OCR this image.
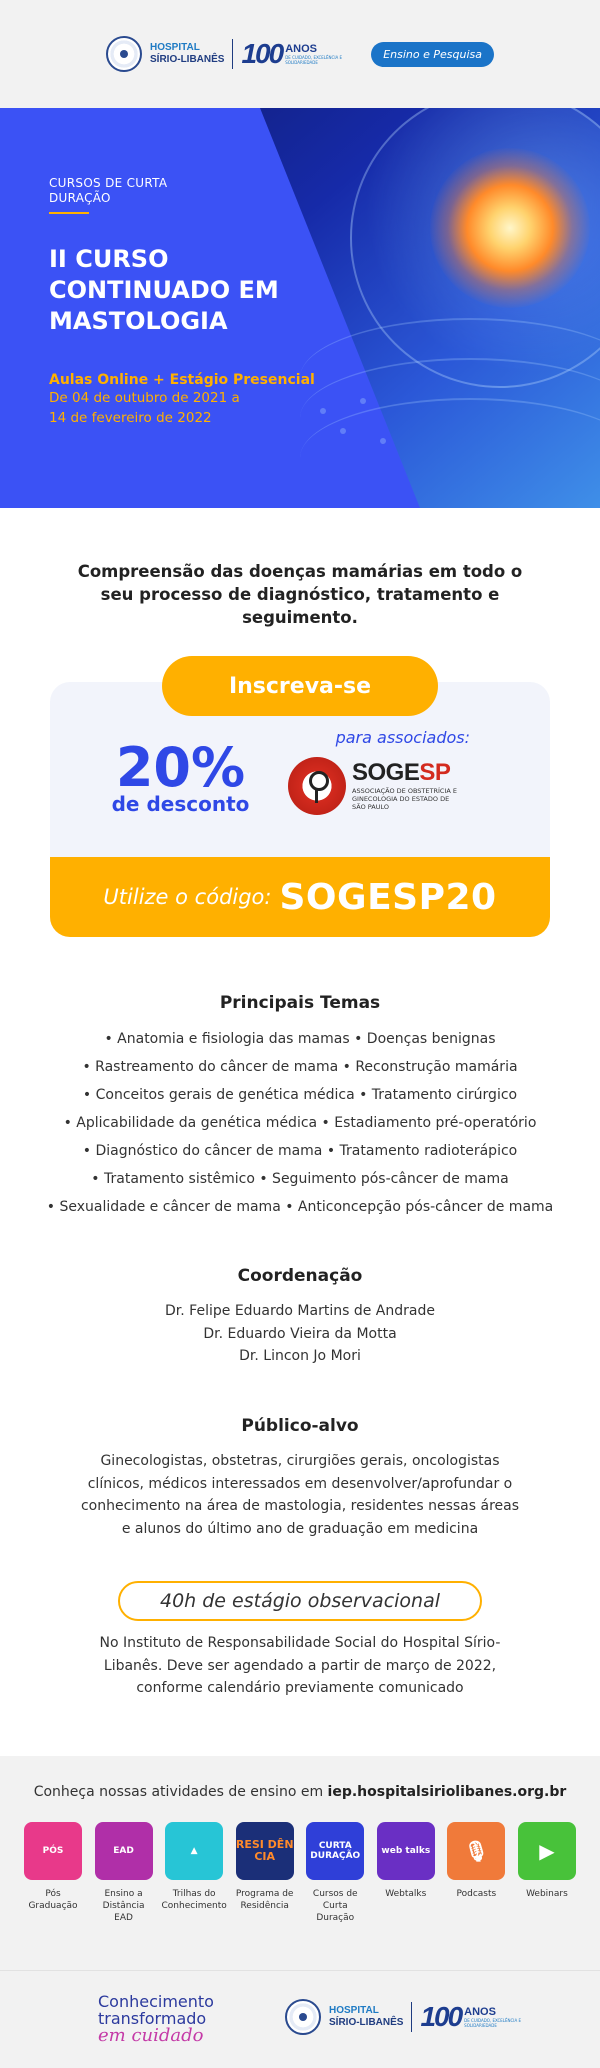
HOSPITAL
SÍRIO-LIBANÊS 100 ANOS
DE CUIDADO, EXCELÊNCIA E SOLIDARIEDADE
Ensino e Pesquisa
CURSOS DE CURTA DURAÇÃO
II CURSO CONTINUADO EM MASTOLOGIA
Aulas Online + Estágio Presencial
De 04 de outubro de 2021 a 14 de fevereiro de 2022
Compreensão das doenças mamárias em todo o seu processo de diagnóstico, tratamento e seguimento.
Utilize o código: SOGESP20
Inscreva-se
20%
de desconto
para associados:
SOGESP
ASSOCIAÇÃO DE OBSTETRÍCIA E GINECOLOGIA DO ESTADO DE SÃO PAULO
Principais Temas
• Anatomia e fisiologia das mamas • Doenças benignas
• Rastreamento do câncer de mama • Reconstrução mamária
• Conceitos gerais de genética médica • Tratamento cirúrgico
• Aplicabilidade da genética médica • Estadiamento pré-operatório
• Diagnóstico do câncer de mama • Tratamento radioterápico
• Tratamento sistêmico • Seguimento pós-câncer de mama
• Sexualidade e câncer de mama • Anticoncepção pós-câncer de mama
Coordenação
Dr. Felipe Eduardo Martins de Andrade
Dr. Eduardo Vieira da Motta
Dr. Lincon Jo Mori
Público-alvo
Ginecologistas, obstetras, cirurgiões gerais, oncologistas clínicos, médicos interessados em desenvolver/aprofundar o conhecimento na área de mastologia, residentes nessas áreas e alunos do último ano de graduação em medicina
40h de estágio observacional
No Instituto de Responsabilidade Social do Hospital Sírio-Libanês. Deve ser agendado a partir de março de 2022, conforme calendário previamente comunicado
Conheça nossas atividades de ensino em iep.hospitalsiriolibanes.org.br
PÓS
Pós Graduação
EAD
Ensino a Distância EAD
▲
Trilhas do Conhecimento
RESI DÊN CIA
Programa de Residência
CURTA DURAÇÃO
Cursos de Curta Duração
web talks
Webtalks
🎙
Podcasts
▶
Webinars
Conhecimento
transformado
em cuidado
HOSPITAL
SÍRIO-LIBANÊS 100 ANOS
DE CUIDADO, EXCELÊNCIA E SOLIDARIEDADE
